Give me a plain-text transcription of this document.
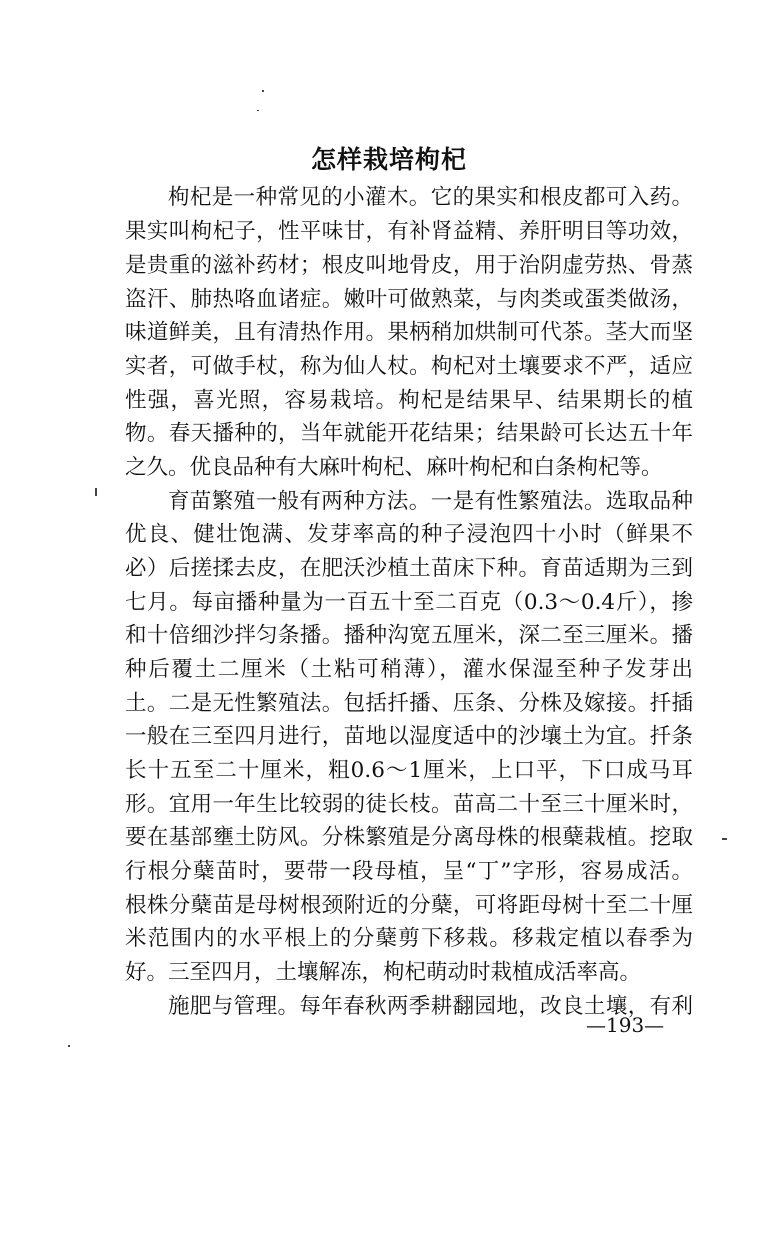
怎样栽培枸杞
枸杞是一种常见的小灌木。它的果实和根皮都可入药。
果实叫枸杞子，性平味甘，有补肾益精、养肝明目等功效，
是贵重的滋补药材；根皮叫地骨皮，用于治阴虚劳热、骨蒸
盗汗、肺热咯血诸症。嫩叶可做熟菜，与肉类或蛋类做汤，
味道鲜美，且有清热作用。果柄稍加烘制可代茶。茎大而坚
实者，可做手杖，称为仙人杖。枸杞对土壤要求不严，适应
性强，喜光照，容易栽培。枸杞是结果早、结果期长的植
物。春天播种的，当年就能开花结果；结果龄可长达五十年
之久。优良品种有大麻叶枸杞、麻叶枸杞和白条枸杞等。
育苗繁殖一般有两种方法。一是有性繁殖法。选取品种
优良、健壮饱满、发芽率高的种子浸泡四十小时（鲜果不
必）后搓揉去皮，在肥沃沙植土苗床下种。育苗适期为三到
七月。每亩播种量为一百五十至二百克（0.3～0.4斤），掺
和十倍细沙拌匀条播。播种沟宽五厘米，深二至三厘米。播
种后覆土二厘米（土粘可稍薄），灌水保湿至种子发芽出
土。二是无性繁殖法。包括扦播、压条、分株及嫁接。扦插
一般在三至四月进行，苗地以湿度适中的沙壤土为宜。扦条
长十五至二十厘米，粗0.6～1厘米，上口平，下口成马耳
形。宜用一年生比较弱的徒长枝。苗高二十至三十厘米时，
要在基部壅土防风。分株繁殖是分离母株的根蘖栽植。挖取
行根分蘖苗时，要带一段母植，呈“丁”字形，容易成活。
根株分蘖苗是母树根颈附近的分蘖，可将距母树十至二十厘
米范围内的水平根上的分蘖剪下移栽。移栽定植以春季为
好。三至四月，土壤解冻，枸杞萌动时栽植成活率高。
施肥与管理。每年春秋两季耕翻园地，改良土壤，有利
—193—
